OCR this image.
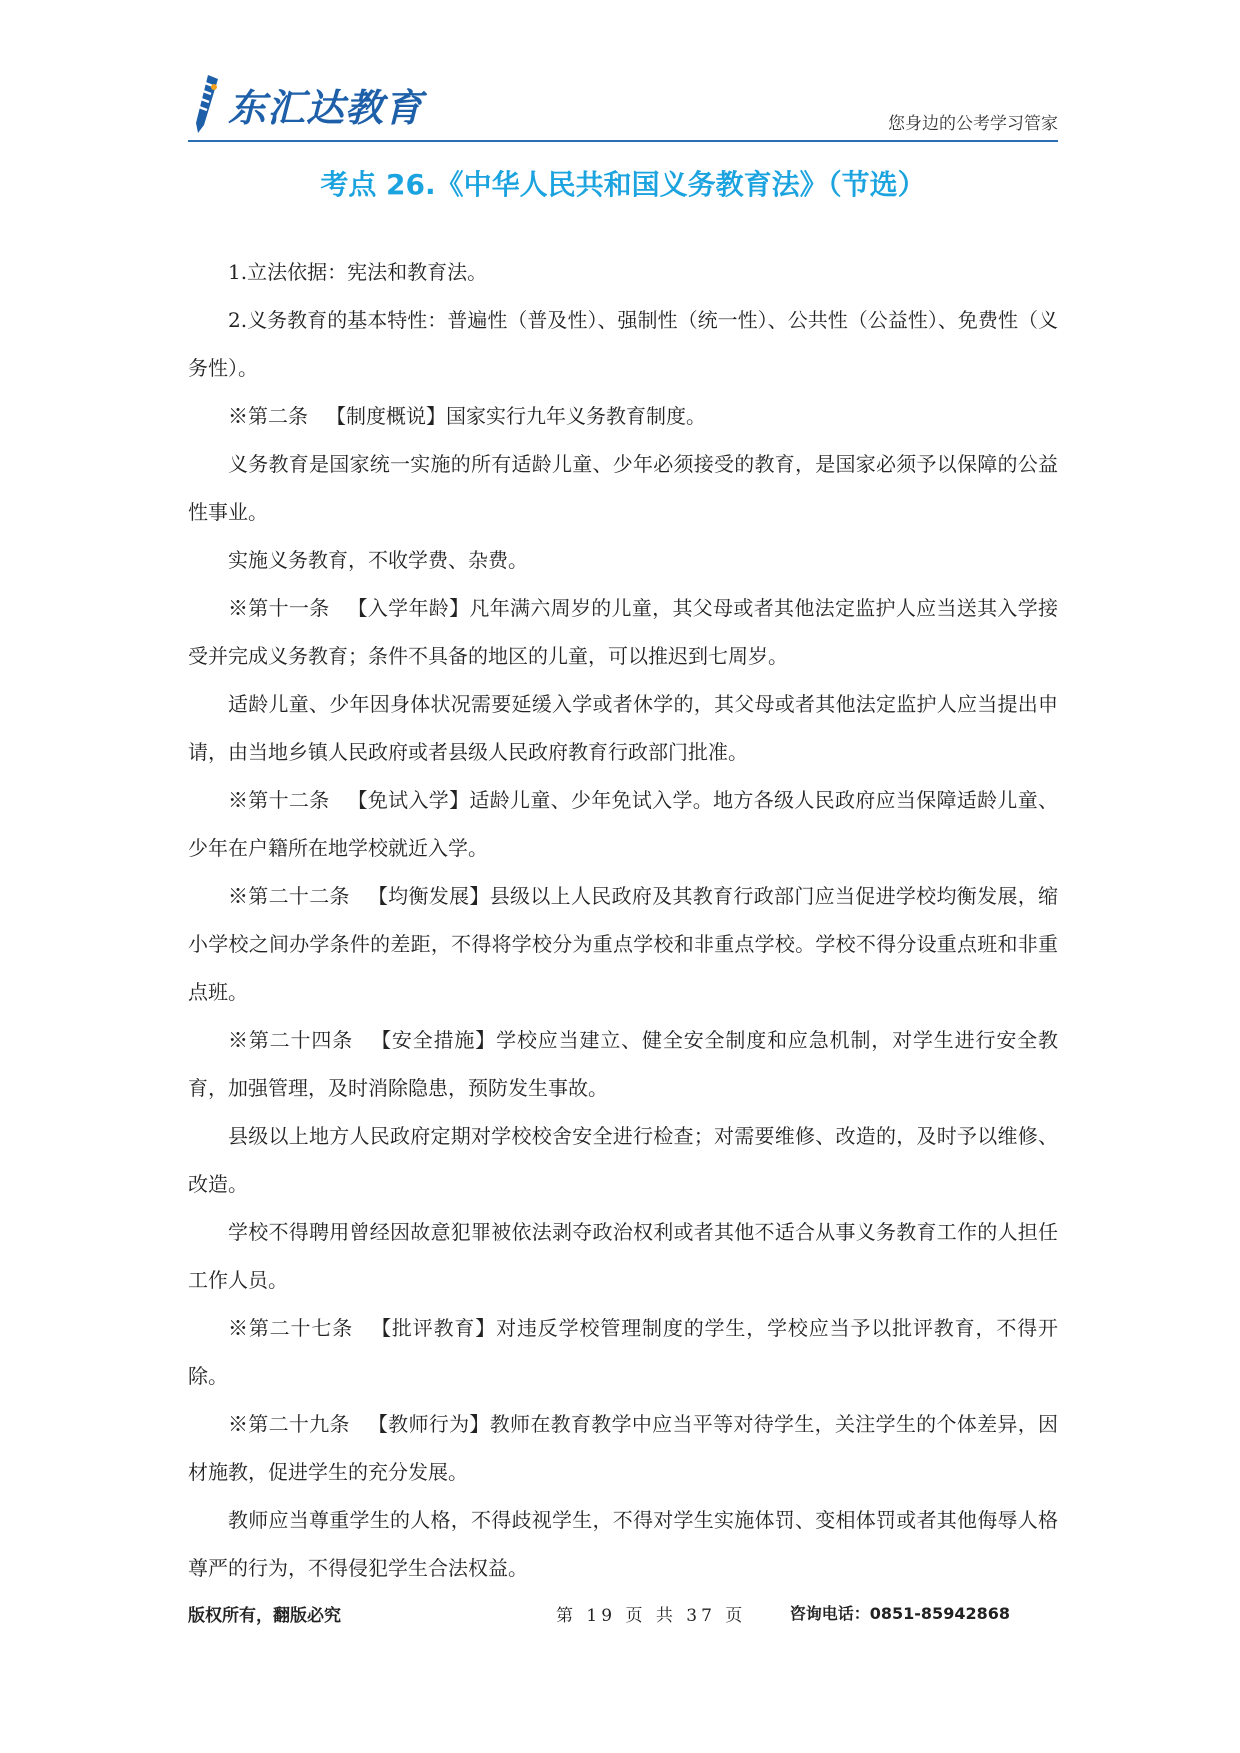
东汇达教育	您身边的公考学习管家
考点 26.《中华人民共和国义务教育法》（节选）

1.立法依据：宪法和教育法。

2.义务教育的基本特性：普遍性（普及性）、强制性（统一性）、公共性（公益性）、免费性（义务性）。

※第二条 【制度概说】国家实行九年义务教育制度。

义务教育是国家统一实施的所有适龄儿童、少年必须接受的教育，是国家必须予以保障的公益性事业。

实施义务教育，不收学费、杂费。

※第十一条 【入学年龄】凡年满六周岁的儿童，其父母或者其他法定监护人应当送其入学接受并完成义务教育；条件不具备的地区的儿童，可以推迟到七周岁。

适龄儿童、少年因身体状况需要延缓入学或者休学的，其父母或者其他法定监护人应当提出申请，由当地乡镇人民政府或者县级人民政府教育行政部门批准。

※第十二条 【免试入学】适龄儿童、少年免试入学。地方各级人民政府应当保障适龄儿童、少年在户籍所在地学校就近入学。

※第二十二条 【均衡发展】县级以上人民政府及其教育行政部门应当促进学校均衡发展，缩小学校之间办学条件的差距，不得将学校分为重点学校和非重点学校。学校不得分设重点班和非重点班。

※第二十四条 【安全措施】学校应当建立、健全安全制度和应急机制，对学生进行安全教育，加强管理，及时消除隐患，预防发生事故。

县级以上地方人民政府定期对学校校舍安全进行检查；对需要维修、改造的，及时予以维修、改造。

学校不得聘用曾经因故意犯罪被依法剥夺政治权利或者其他不适合从事义务教育工作的人担任工作人员。

※第二十七条 【批评教育】对违反学校管理制度的学生，学校应当予以批评教育，不得开除。

※第二十九条 【教师行为】教师在教育教学中应当平等对待学生，关注学生的个体差异，因材施教，促进学生的充分发展。

教师应当尊重学生的人格，不得歧视学生，不得对学生实施体罚、变相体罚或者其他侮辱人格尊严的行为，不得侵犯学生合法权益。

版权所有，翻版必究	第 19 页 共 37 页	咨询电话：0851-85942868
